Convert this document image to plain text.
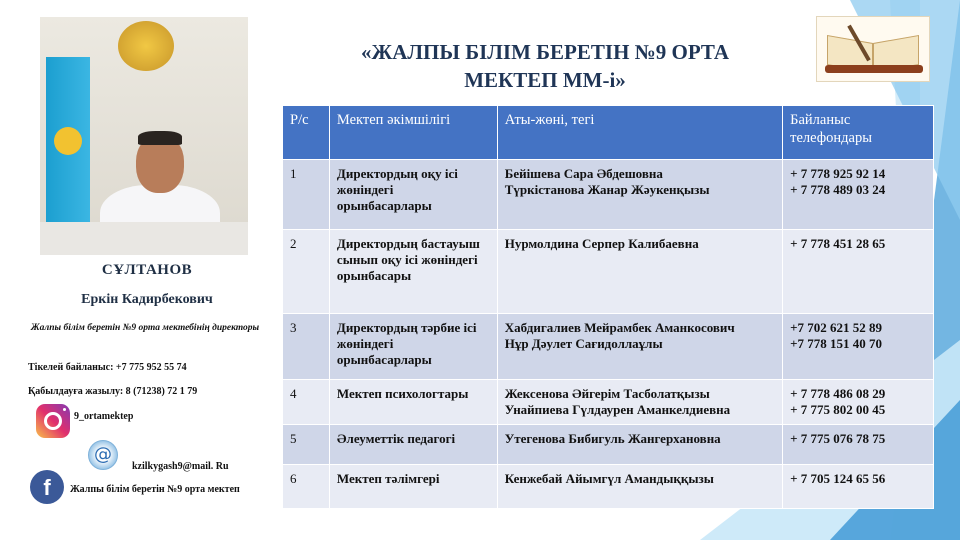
СҰЛТАНОВ
Еркін Кадирбекович
Жалпы білім беретін №9 орта мектебінің директоры
Тікелей байланыс: +7 775 952 55 74
Қабылдауға жазылу: 8 (71238) 72 1 79
9_ortamektep
@
kzilkygash9@mail. Ru
f	Жалпы білім беретін №9 орта мектеп
«ЖАЛПЫ БІЛІМ БЕРЕТІН №9 ОРТА
МЕКТЕП ММ-і»
Р/с	Мектеп әкімшілігі	Аты-жөні, тегі	Байланыс телефондары
1	Директордың оқу ісі жөніндегі орынбасарлары	Бейішева Сара Әбдешовна
Түркістанова Жанар Жәукенқызы	+ 7 778 925 92 14
+ 7 778 489 03 24

2	Директордың бастауыш сынып оқу ісі жөніндегі орынбасары	Нурмолдина Серпер Калибаевна	+ 7 778 451 28 65

3	Директордың тәрбие ісі жөніндегі орынбасарлары	Хабдигалиев Мейрамбек Аманкосович
Нұр Дәулет Сағидоллаұлы	+7 702 621 52 89
+7 778 151 40 70

4	Мектеп психологтары	Жексенова Әйгерім Тасболатқызы
Унайпиева Гүлдаурен Аманкелдиевна	+ 7 778 486 08 29
+ 7 775 802 00 45

5	Әлеуметтік педагогі	Утегенова Бибигуль Жангерхановна	+ 7 775 076 78 75

6	Мектеп тәлімгері	Кенжебай Айымгүл Амандыққызы	+ 7 705 124 65 56
